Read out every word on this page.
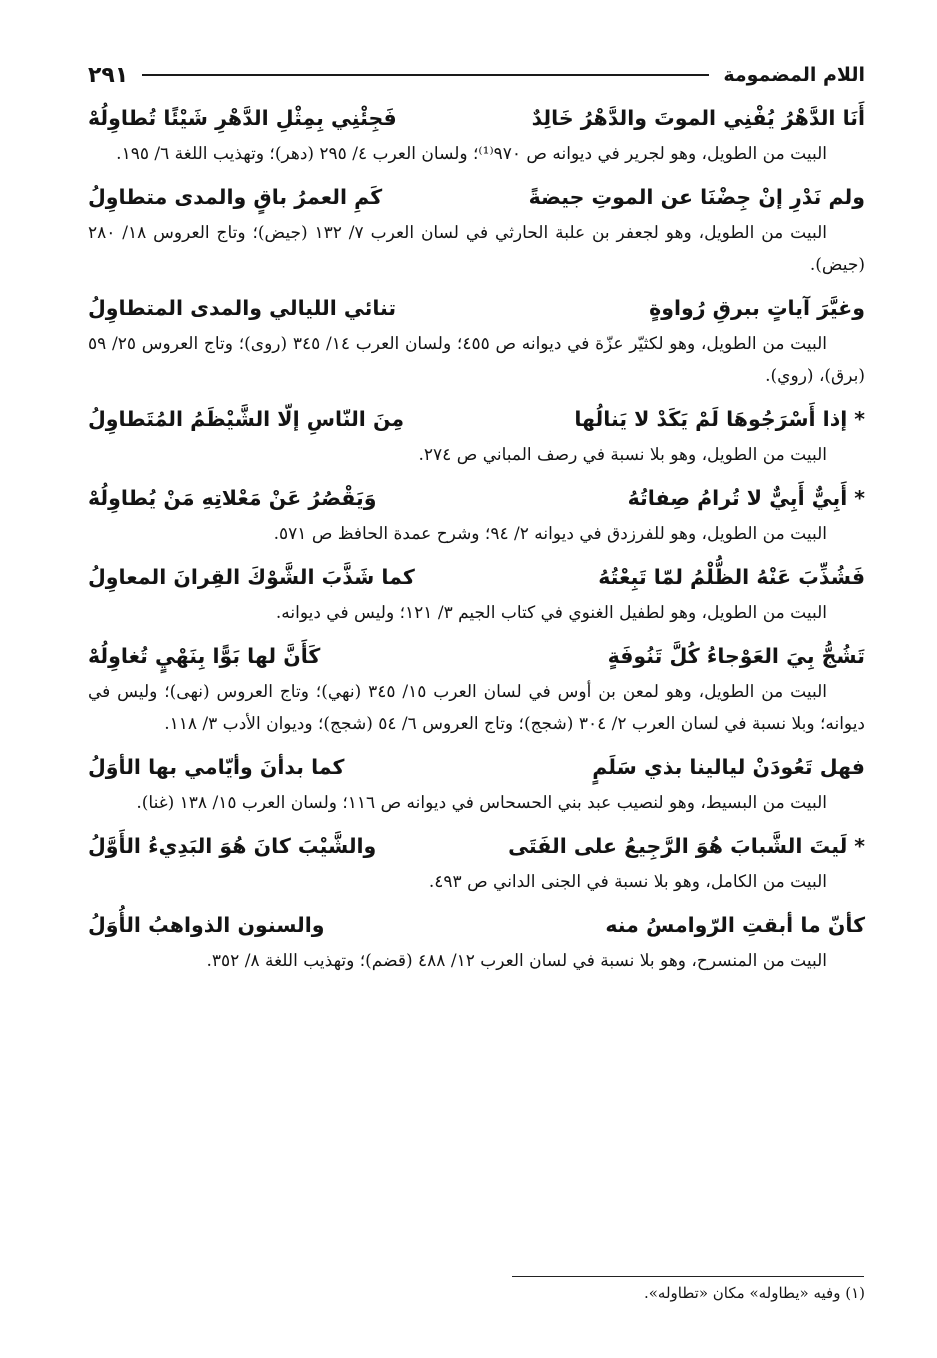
اللام المضمومة
٢٩١
أَنَا الدَّهْرُ يُفْنِي الموتَ والدَّهْرُ خَالِدٌ
فَجِئْنِي بِمِثْلِ الدَّهْرِ شَيْئًا تُطاوِلُهْ

البيت من الطويل، وهو لجرير في ديوانه ص ٩٧٠⁽¹⁾؛ ولسان العرب ٤/ ٢٩٥ (دهر)؛ وتهذيب اللغة ٦/ ١٩٥.

ولم نَدْرِ إنْ جِضْنَا عن الموتِ جيضةً
كَمِ العمرُ باقٍ والمدى متطاوِلُ

البيت من الطويل، وهو لجعفر بن علبة الحارثي في لسان العرب ٧/ ١٣٢ (جيض)؛ وتاج العروس ١٨/ ٢٨٠ (جيض).

وغيَّرَ آياتٍ ببرقِ رُواوةٍ
تنائي الليالي والمدى المتطاوِلُ

البيت من الطويل، وهو لكثيّر عزّة في ديوانه ص ٤٥٥؛ ولسان العرب ١٤/ ٣٤٥ (روى)؛ وتاج العروس ٢٥/ ٥٩ (برق)، (روي).

*إذا أَسْرَجُوهَا لَمْ يَكَدْ لا يَنالُها
مِنَ النّاسِ إلّا الشَّيْظَمُ المُتَطاوِلُ

البيت من الطويل، وهو بلا نسبة في رصف المباني ص ٢٧٤.

*أَبِيٌّ أَبِيٌّ لا تُرامُ صِفاتُهُ
وَيَقْصُرُ عَنْ مَعْلاتِهِ مَنْ يُطاوِلُهْ

البيت من الطويل، وهو للفرزدق في ديوانه ٢/ ٩٤؛ وشرح عمدة الحافظ ص ٥٧١.

فَشُذِّبَ عَنْهُ الظُّلْمُ لمّا تَبِعْتُهُ
كما شَذَّبَ الشَّوْكَ القِرانَ المعاوِلُ

البيت من الطويل، وهو لطفيل الغنوي في كتاب الجيم ٣/ ١٢١؛ وليس في ديوانه.

تَشُجُّ بِيَ العَوْجاءُ كُلَّ تَنُوفَةٍ
كَأَنَّ لها بَوًّا بِنَهْيٍ تُغاوِلُهْ

البيت من الطويل، وهو لمعن بن أوس في لسان العرب ١٥/ ٣٤٥ (نهي)؛ وتاج العروس (نهى)؛ وليس في ديوانه؛ وبلا نسبة في لسان العرب ٢/ ٣٠٤ (شجج)؛ وتاج العروس ٦/ ٥٤ (شجج)؛ وديوان الأدب ٣/ ١١٨.

فهل تَعُودَنْ ليالينا بذي سَلَمٍ
كما بدأنَ وأيّامي بها الأوَلُ

البيت من البسيط، وهو لنصيب عبد بني الحسحاس في ديوانه ص ١١٦؛ ولسان العرب ١٥/ ١٣٨ (غنا).

*لَيتَ الشَّبابَ هُوَ الرَّجِيعُ على الفَتَى
والشَّيْبَ كانَ هُوَ البَدِيءُ الأَوَّلُ

البيت من الكامل، وهو بلا نسبة في الجنى الداني ص ٤٩٣.

كأنّ ما أبقتِ الرّوامسُ منه
والسنون الذواهبُ الأُوَلُ

البيت من المنسرح، وهو بلا نسبة في لسان العرب ١٢/ ٤٨٨ (قضم)؛ وتهذيب اللغة ٨/ ٣٥٢.

(١) وفيه «يطاوله» مكان «تطاوله».
